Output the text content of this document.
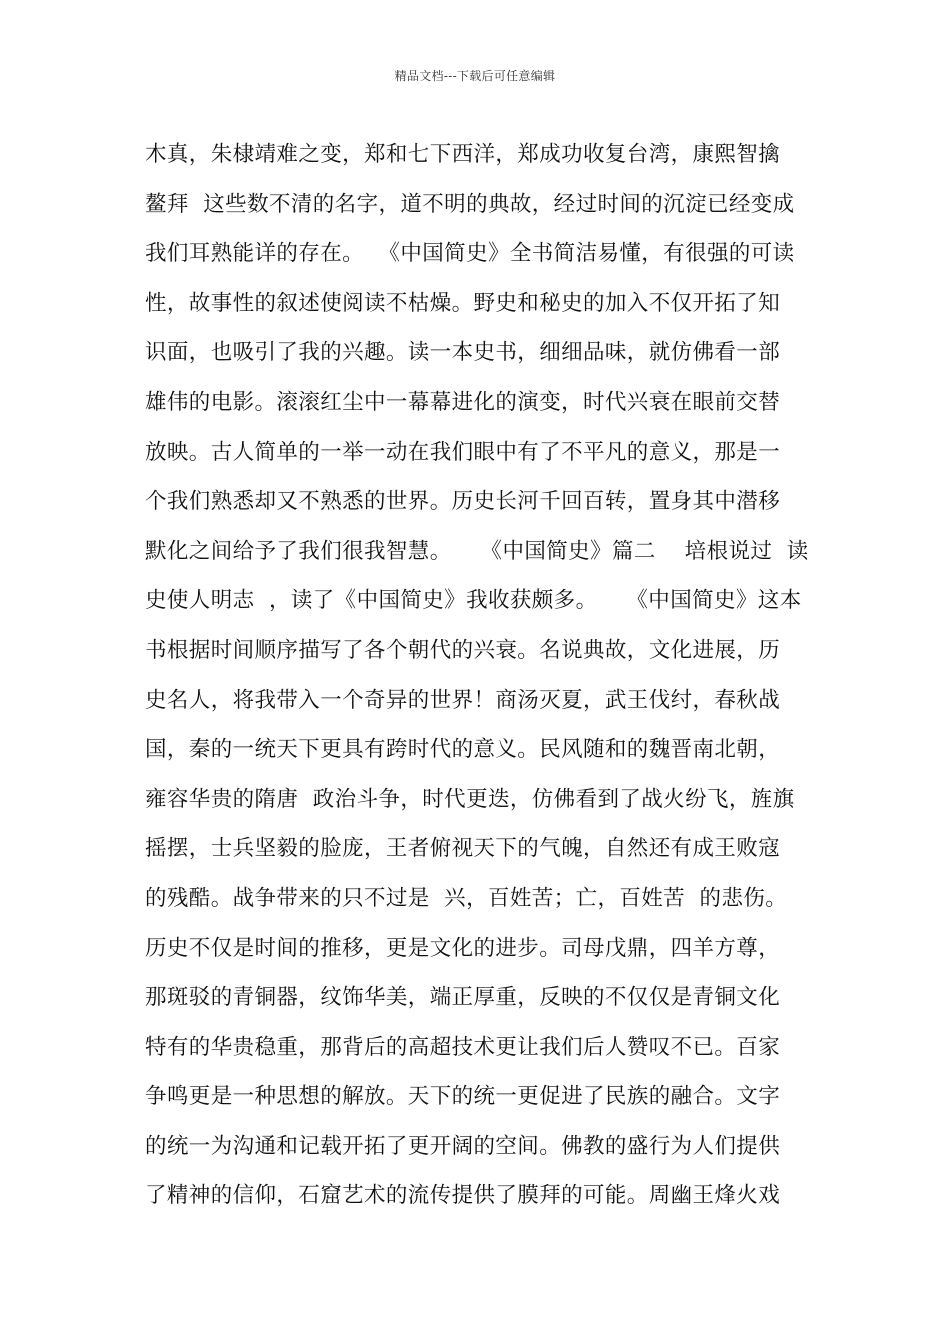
精品文档---下载后可任意编辑
木真，朱棣靖难之变，郑和七下西洋，郑成功收复台湾，康熙智擒
鳌拜  这些数不清的名字，道不明的典故，经过时间的沉淀已经变成
我们耳熟能详的存在。  《中国简史》全书简洁易懂，有很强的可读
性，故事性的叙述使阅读不枯燥。野史和秘史的加入不仅开拓了知
识面，也吸引了我的兴趣。读一本史书，细细品味，就仿佛看一部
雄伟的电影。滚滚红尘中一幕幕进化的演变，时代兴衰在眼前交替
放映。古人简单的一举一动在我们眼中有了不平凡的意义，那是一
个我们熟悉却又不熟悉的世界。历史长河千回百转，置身其中潜移
默化之间给予了我们很我智慧。    《中国简史》篇二    培根说过  读
史使人明志  ，读了《中国简史》我收获颇多。    《中国简史》这本
书根据时间顺序描写了各个朝代的兴衰。名说典故，文化进展，历
史名人，将我带入一个奇异的世界！商汤灭夏，武王伐纣，春秋战
国，秦的一统天下更具有跨时代的意义。民风随和的魏晋南北朝，
雍容华贵的隋唐  政治斗争，时代更迭，仿佛看到了战火纷飞，旌旗
摇摆，士兵坚毅的脸庞，王者俯视天下的气魄，自然还有成王败寇
的残酷。战争带来的只不过是  兴，百姓苦；亡，百姓苦  的悲伤。
历史不仅是时间的推移，更是文化的进步。司母戊鼎，四羊方尊，
那斑驳的青铜器，纹饰华美，端正厚重，反映的不仅仅是青铜文化
特有的华贵稳重，那背后的高超技术更让我们后人赞叹不已。百家
争鸣更是一种思想的解放。天下的统一更促进了民族的融合。文字
的统一为沟通和记载开拓了更开阔的空间。佛教的盛行为人们提供
了精神的信仰，石窟艺术的流传提供了膜拜的可能。周幽王烽火戏
